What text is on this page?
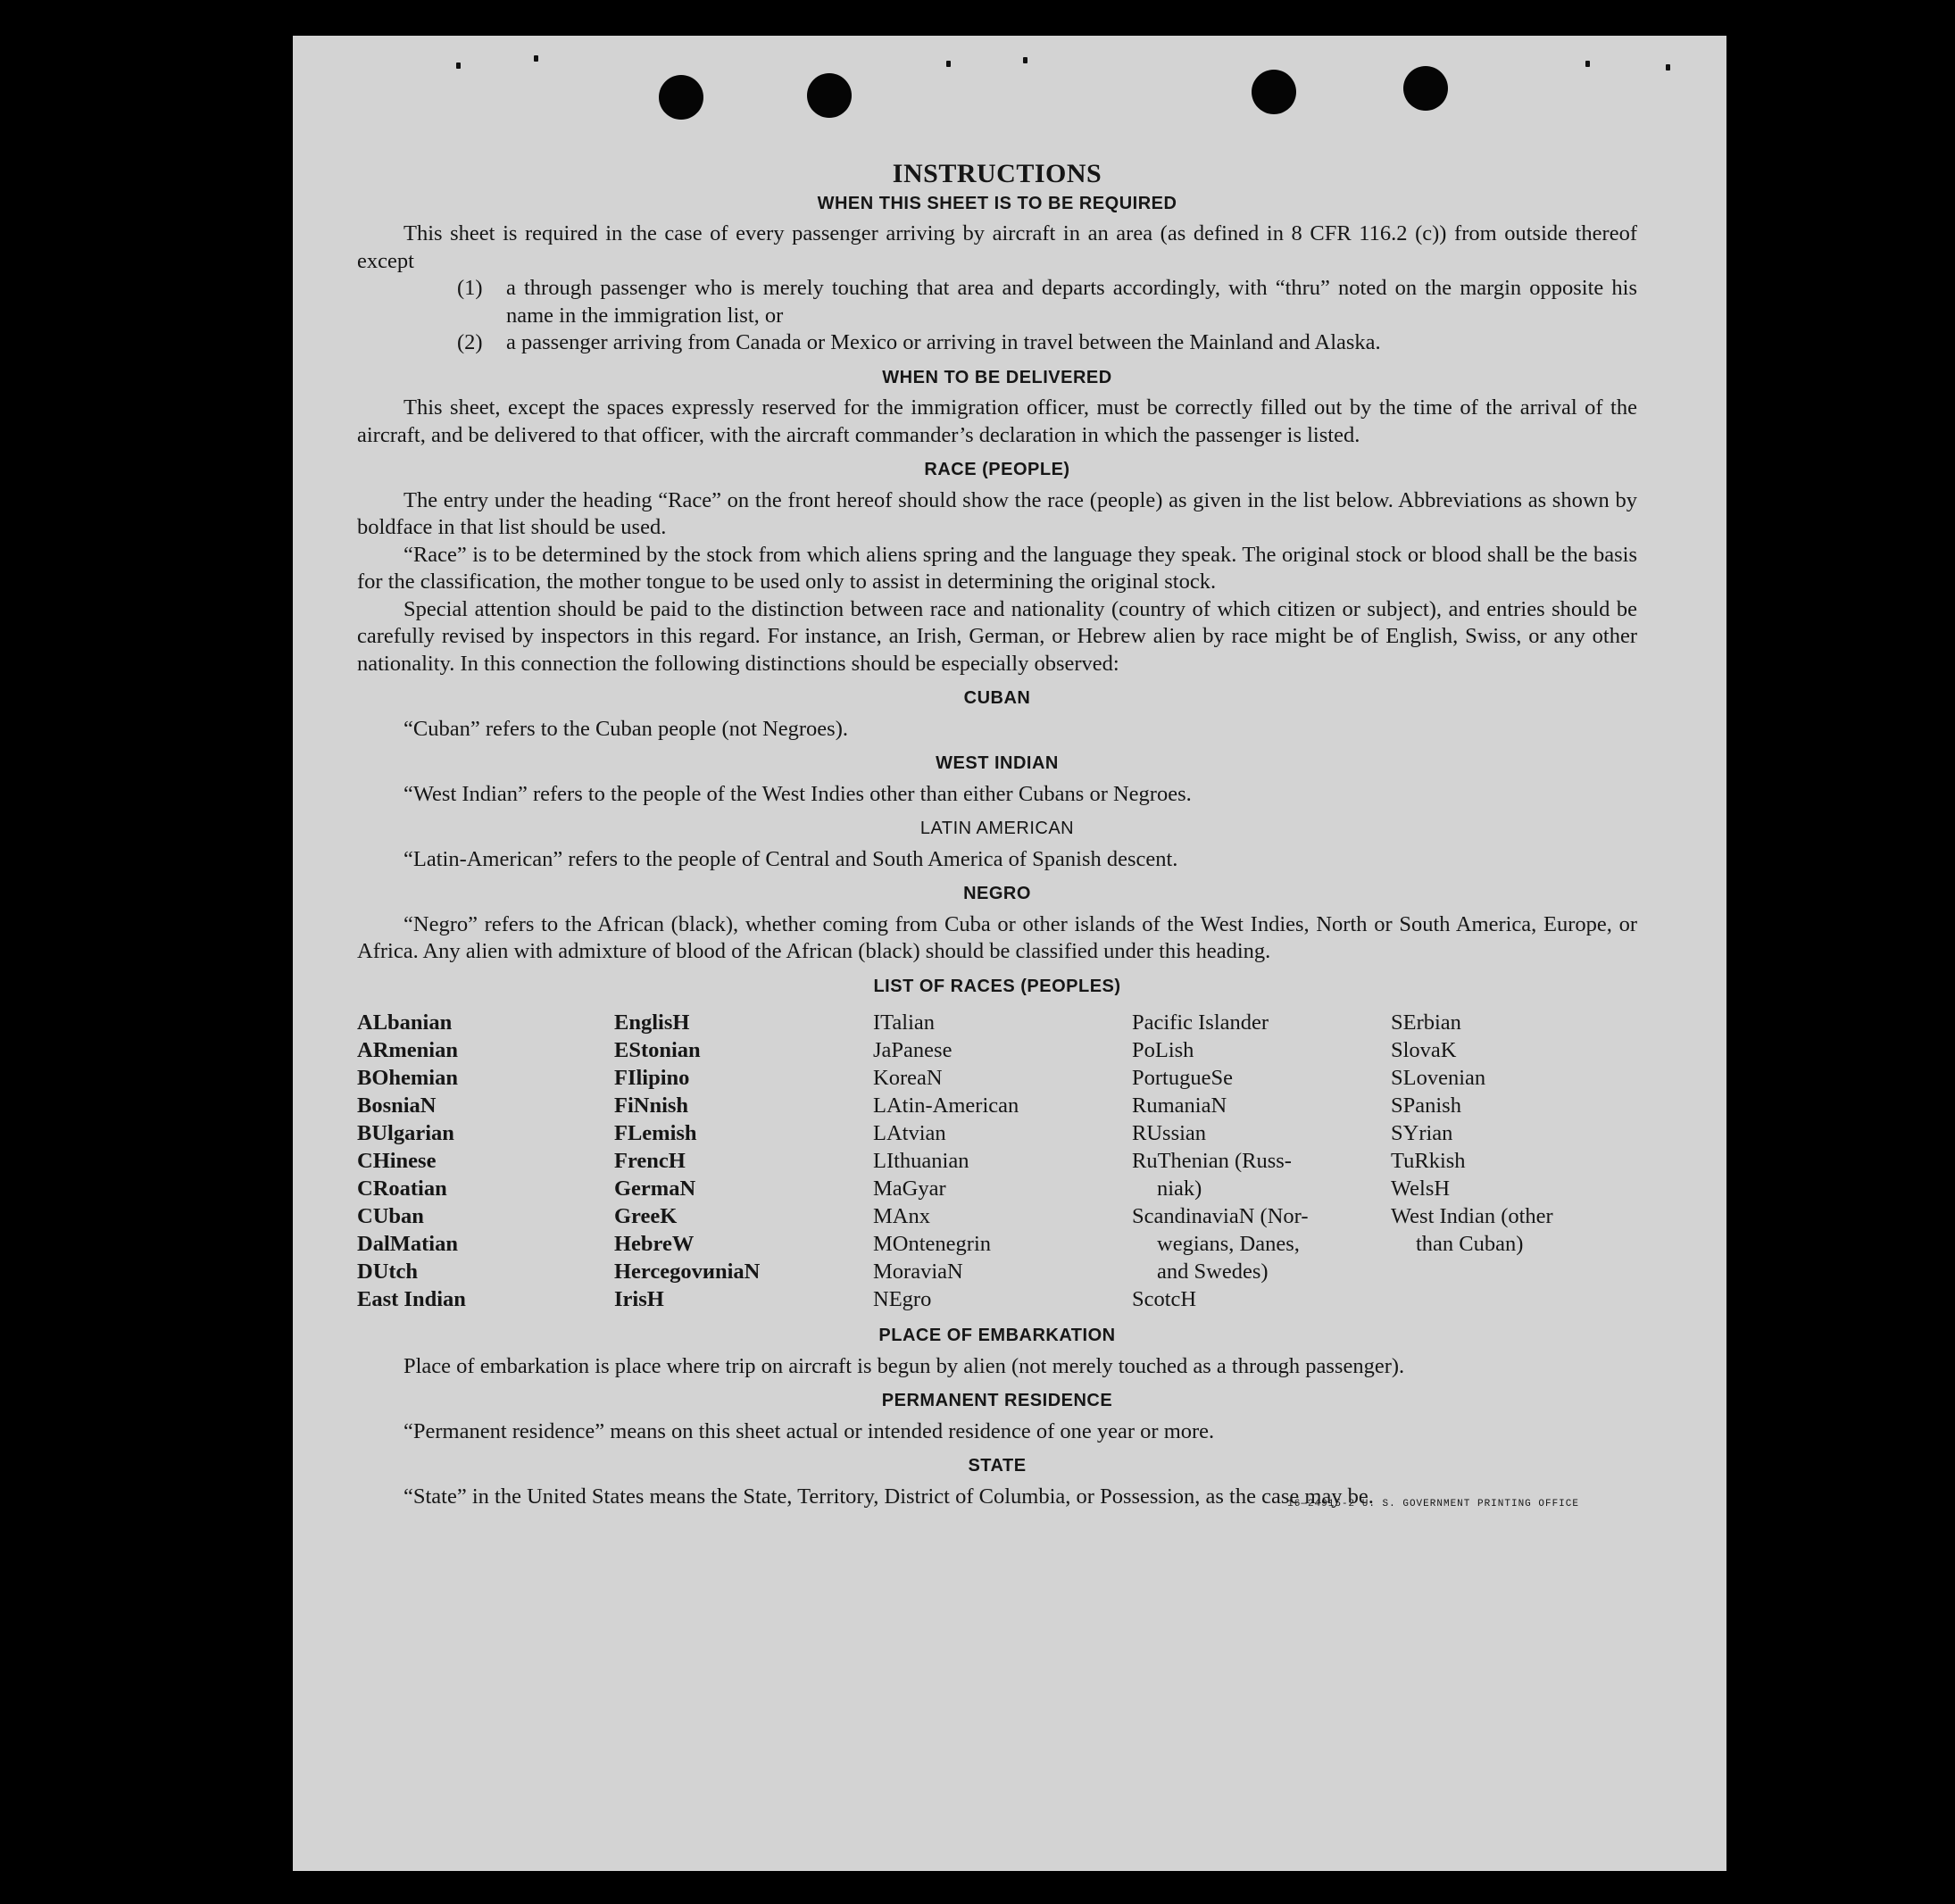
INSTRUCTIONS
WHEN THIS SHEET IS TO BE REQUIRED

This sheet is required in the case of every passenger arriving by aircraft in an area (as defined in 8 CFR 116.2 (c)) from outside thereof except

(1)	a through passenger who is merely touching that area and departs accordingly, with “thru” noted on the margin opposite his name in the immigration list, or
(2)	a passenger arriving from Canada or Mexico or arriving in travel between the Mainland and Alaska.
WHEN TO BE DELIVERED

This sheet, except the spaces expressly reserved for the immigration officer, must be correctly filled out by the time of the arrival of the aircraft, and be delivered to that officer, with the aircraft commander’s declaration in which the passenger is listed.

RACE (PEOPLE)

The entry under the heading “Race” on the front hereof should show the race (people) as given in the list below. Abbreviations as shown by boldface in that list should be used.

“Race” is to be determined by the stock from which aliens spring and the language they speak. The original stock or blood shall be the basis for the classification, the mother tongue to be used only to assist in determining the original stock.

Special attention should be paid to the distinction between race and nationality (country of which citizen or subject), and entries should be carefully revised by inspectors in this regard. For instance, an Irish, German, or Hebrew alien by race might be of English, Swiss, or any other nationality. In this connection the following distinctions should be especially observed:

CUBAN

“Cuban” refers to the Cuban people (not Negroes).

WEST INDIAN

“West Indian” refers to the people of the West Indies other than either Cubans or Negroes.

LATIN AMERICAN

“Latin-American” refers to the people of Central and South America of Spanish descent.

NEGRO

“Negro” refers to the African (black), whether coming from Cuba or other islands of the West Indies, North or South America, Europe, or Africa. Any alien with admixture of blood of the African (black) should be classified under this heading.

LIST OF RACES (PEOPLES)
ALbanian
ARmenian
BOhemian
BosniaN
BUlgarian
CHinese
CRoatian
CUban
DalMatian
DUtch
East Indian
EnglisH
EStonian
FIlipino
FiNnish
FLemish
FrencH
GermaN
GreeK
HebreW
HercegovиniaN
IrisH
ITalian
JaPanese
KoreaN
LAtin-American
LAtvian
LIthuanian
MaGyar
MAnx
MOntenegrin
MoraviaN
NEgro
Pacific Islander
PoLish
PortugueSe
RumaniaN
RUssian
RuThenian (Russ-
niak)
ScandinaviaN (Nor-
wegians, Danes,
and Swedes)
ScotcH
SErbian
SlovaK
SLovenian
SPanish
SYrian
TuRkish
WelsH
West Indian (other
than Cuban)
PLACE OF EMBARKATION

Place of embarkation is place where trip on aircraft is begun by alien (not merely touched as a through passenger).

PERMANENT RESIDENCE

“Permanent residence” means on this sheet actual or intended residence of one year or more.

STATE

“State” in the United States means the State, Territory, District of Columbia, or Possession, as the case may be.

16—24915-2 U. S. GOVERNMENT PRINTING OFFICE
